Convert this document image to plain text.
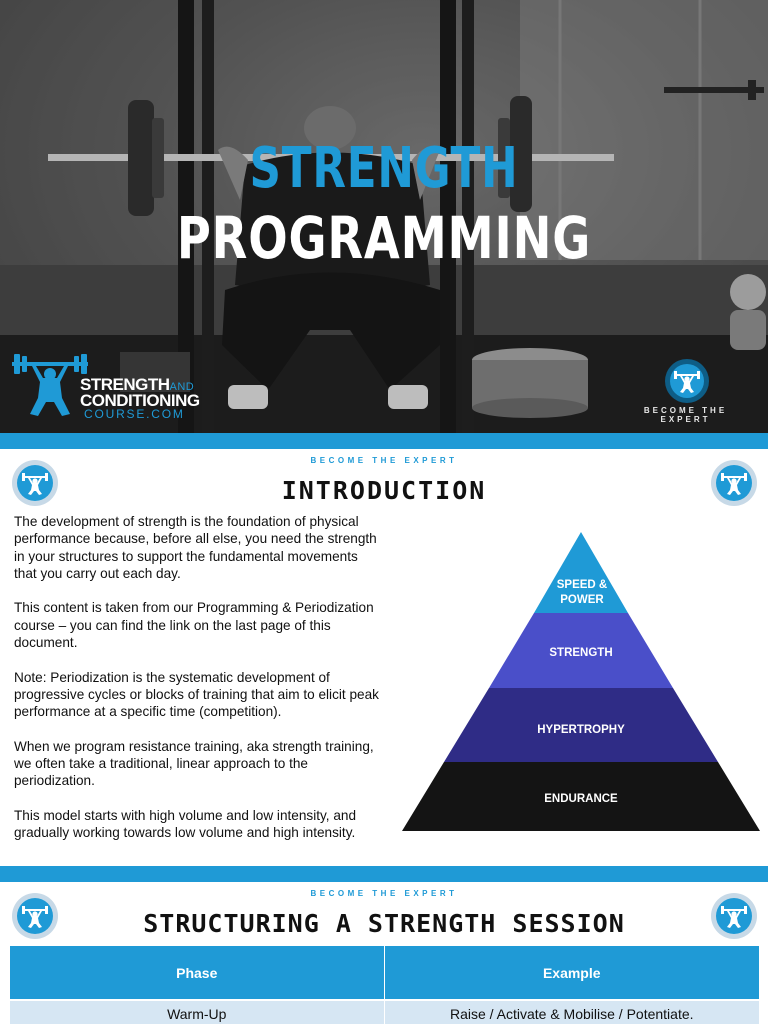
STRENGTH
PROGRAMMING
STRENGTHAND
CONDITIONING
COURSE.COM	BECOME THE EXPERT
BECOME THE EXPERT
INTRODUCTION

The development of strength is the foundation of physical performance because, before all else, you need the strength in your structures to support the fundamental movements that you carry out each day.

This content is taken from our Programming & Periodization course – you can find the link on the last page of this document.

Note: Periodization is the systematic development of progressive cycles or blocks of training that aim to elicit peak performance at a specific time (competition).

When we program resistance training, aka strength training, we often take a traditional, linear approach to the periodization.

This model starts with high volume and low intensity, and gradually working towards low volume and high intensity.

SPEED &
POWER
STRENGTH
HYPERTROPHY
ENDURANCE
BECOME THE EXPERT
STRUCTURING A STRENGTH SESSION
Phase	Example
Warm-Up	Raise / Activate & Mobilise / Potentiate.
